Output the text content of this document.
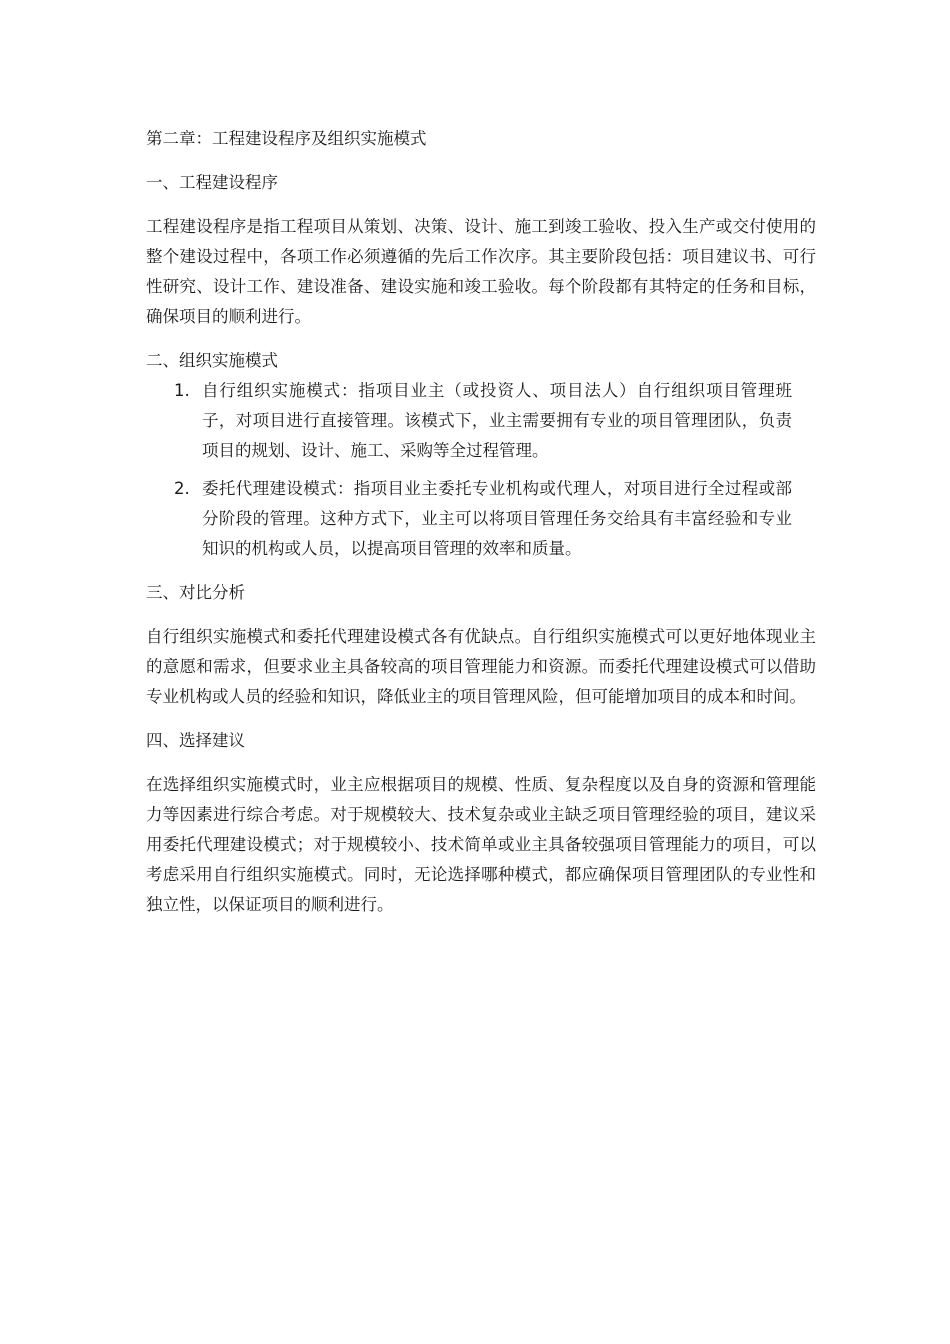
第二章：工程建设程序及组织实施模式
一、工程建设程序
工程建设程序是指工程项目从策划、决策、设计、施工到竣工验收、投入生产或交付使用的整个建设过程中，各项工作必须遵循的先后工作次序。其主要阶段包括：项目建议书、可行性研究、设计工作、建设准备、建设实施和竣工验收。每个阶段都有其特定的任务和目标，确保项目的顺利进行。
二、组织实施模式
1. 自行组织实施模式：指项目业主（或投资人、项目法人）自行组织项目管理班子，对项目进行直接管理。该模式下，业主需要拥有专业的项目管理团队，负责项目的规划、设计、施工、采购等全过程管理。
2. 委托代理建设模式：指项目业主委托专业机构或代理人，对项目进行全过程或部分阶段的管理。这种方式下，业主可以将项目管理任务交给具有丰富经验和专业知识的机构或人员，以提高项目管理的效率和质量。
三、对比分析
自行组织实施模式和委托代理建设模式各有优缺点。自行组织实施模式可以更好地体现业主的意愿和需求，但要求业主具备较高的项目管理能力和资源。而委托代理建设模式可以借助专业机构或人员的经验和知识，降低业主的项目管理风险，但可能增加项目的成本和时间。
四、选择建议
在选择组织实施模式时，业主应根据项目的规模、性质、复杂程度以及自身的资源和管理能力等因素进行综合考虑。对于规模较大、技术复杂或业主缺乏项目管理经验的项目，建议采用委托代理建设模式；对于规模较小、技术简单或业主具备较强项目管理能力的项目，可以考虑采用自行组织实施模式。同时，无论选择哪种模式，都应确保项目管理团队的专业性和独立性，以保证项目的顺利进行。
